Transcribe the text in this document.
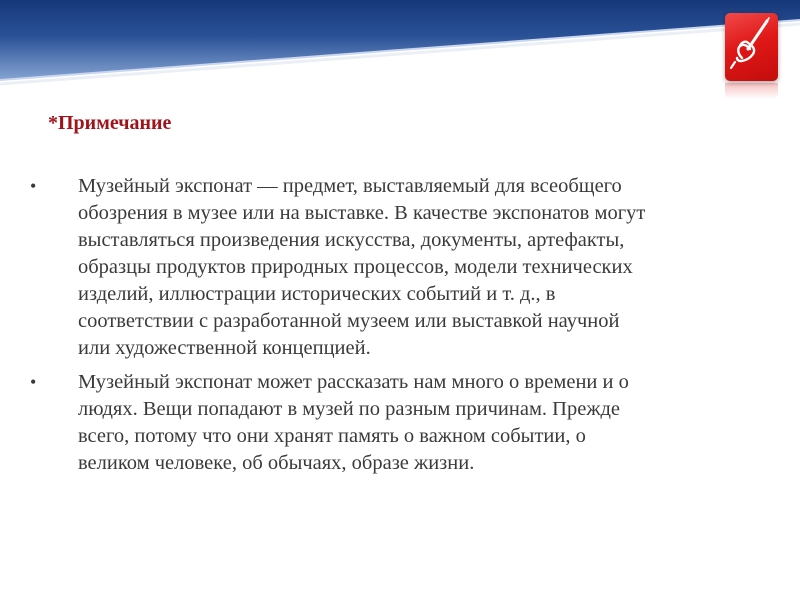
*Примечание
•	Музейный экспонат — предмет, выставляемый для всеобщего
обозрения в музее или на выставке. В качестве экспонатов могут
выставляться произведения искусства, документы, артефакты,
образцы продуктов природных процессов, модели технических
изделий, иллюстрации исторических событий и т. д., в
соответствии с разработанной музеем или выставкой научной
или художественной концепцией.
•	Музейный экспонат может рассказать нам много о времени и о
людях. Вещи попадают в музей по разным причинам. Прежде
всего, потому что они хранят память о важном событии, о
великом человеке, об обычаях, образе жизни.
